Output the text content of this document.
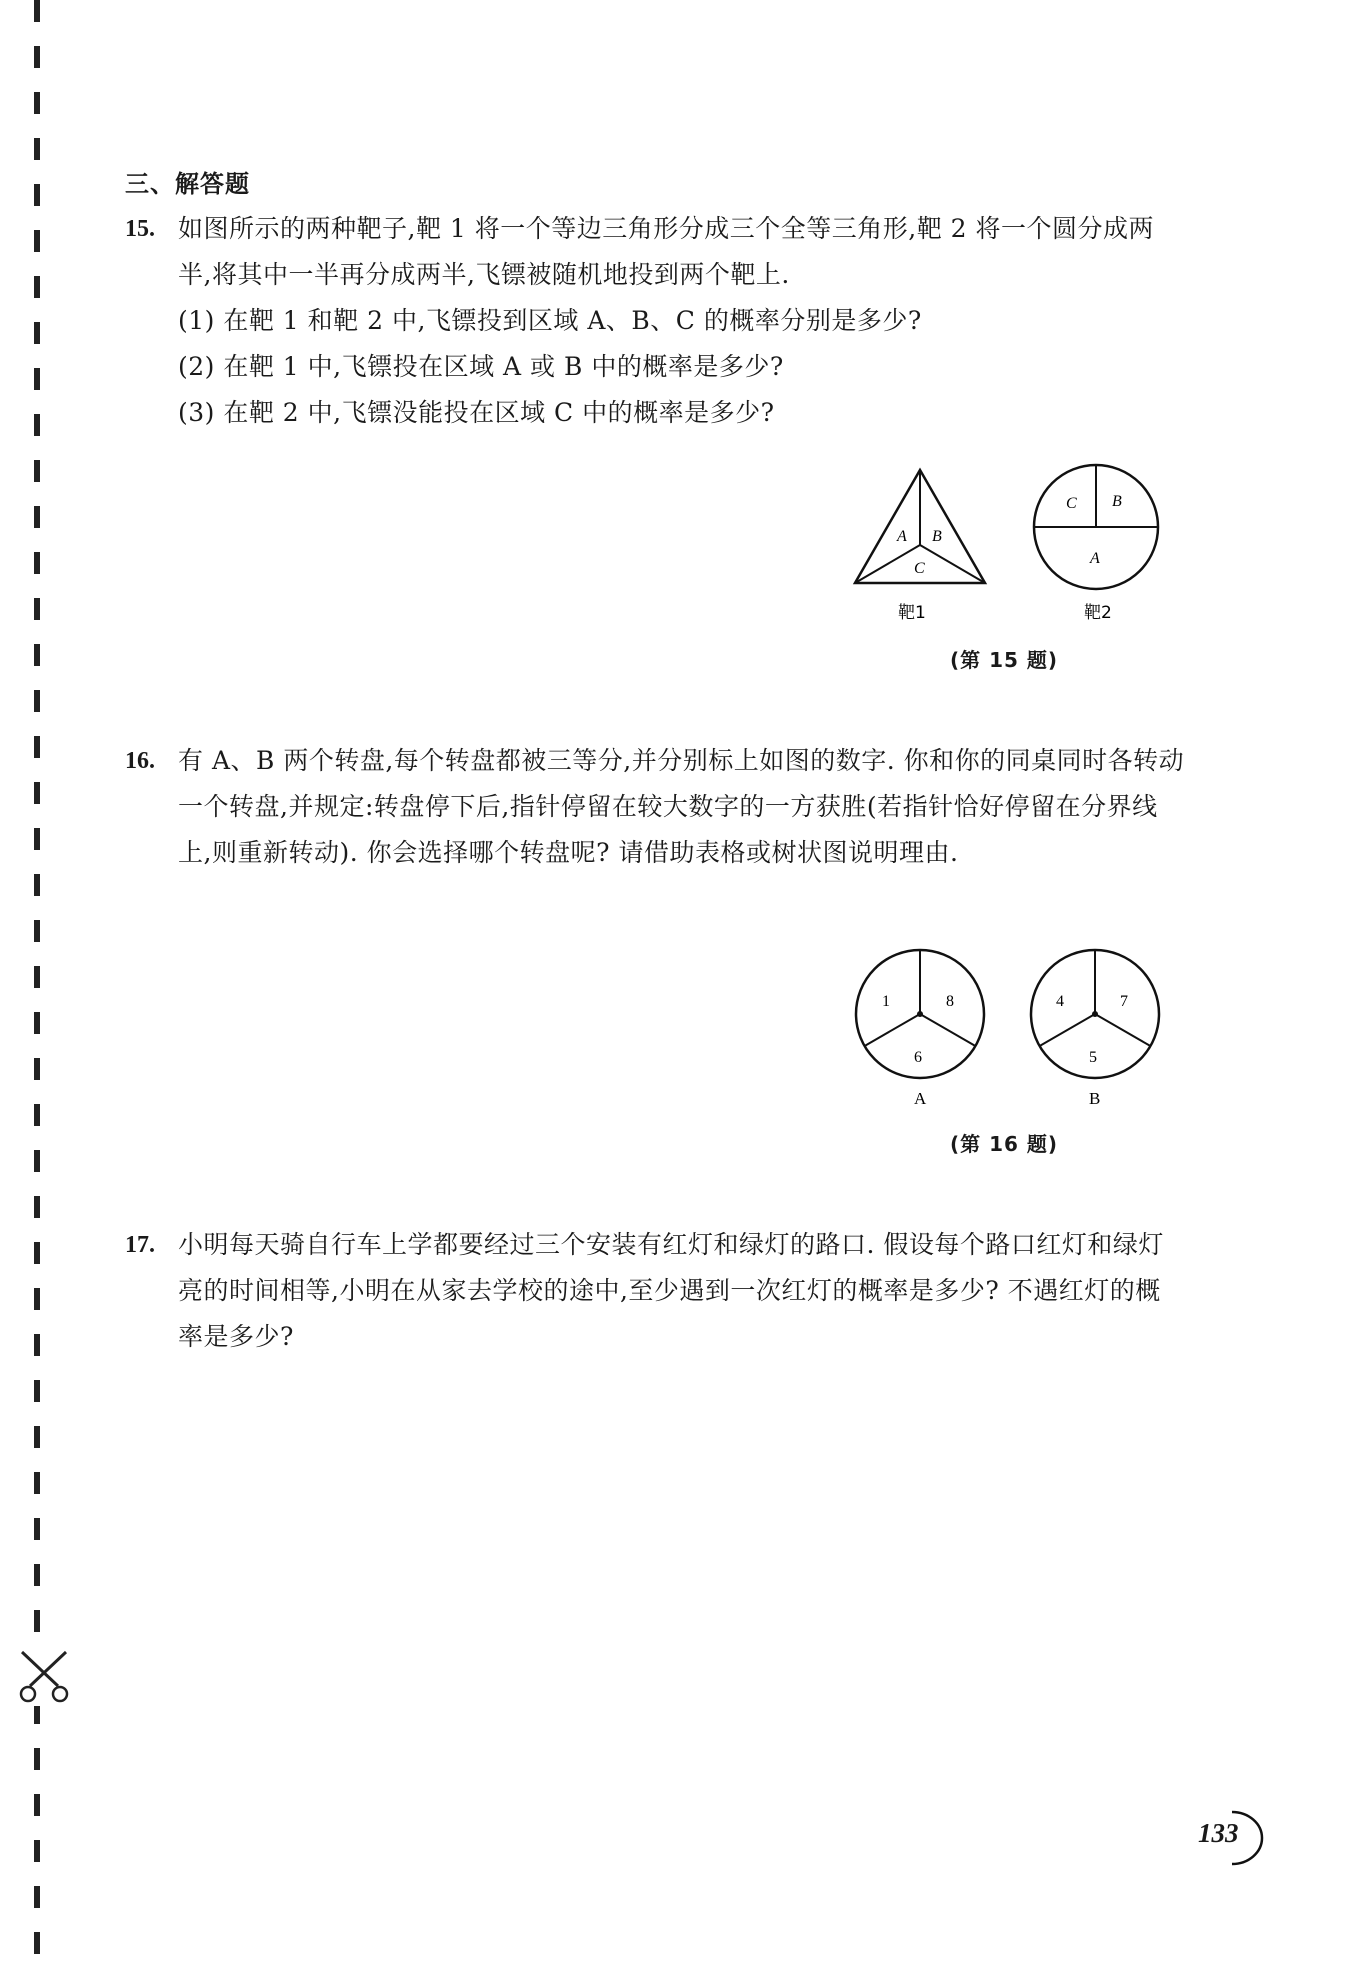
三、解答题
15. 如图所示的两种靶子,靶 1 将一个等边三角形分成三个全等三角形,靶 2 将一个圆分成两半,将其中一半再分成两半,飞镖被随机地投到两个靶上.
(1) 在靶 1 和靶 2 中,飞镖投到区域 A、B、C 的概率分别是多少?
(2) 在靶 1 中,飞镖投在区域 A 或 B 中的概率是多少?
(3) 在靶 2 中,飞镖没能投在区域 C 中的概率是多少?
A B
C
靶1
C B
A
靶2
(第 15 题)
16. 有 A、B 两个转盘,每个转盘都被三等分,并分别标上如图的数字. 你和你的同桌同时各转动一个转盘,并规定:转盘停下后,指针停留在较大数字的一方获胜(若指针恰好停留在分界线上,则重新转动). 你会选择哪个转盘呢? 请借助表格或树状图说明理由.
1	8
6
A
4	7
5
B
(第 16 题)
17. 小明每天骑自行车上学都要经过三个安装有红灯和绿灯的路口. 假设每个路口红灯和绿灯亮的时间相等,小明在从家去学校的途中,至少遇到一次红灯的概率是多少? 不遇红灯的概率是多少?
133
